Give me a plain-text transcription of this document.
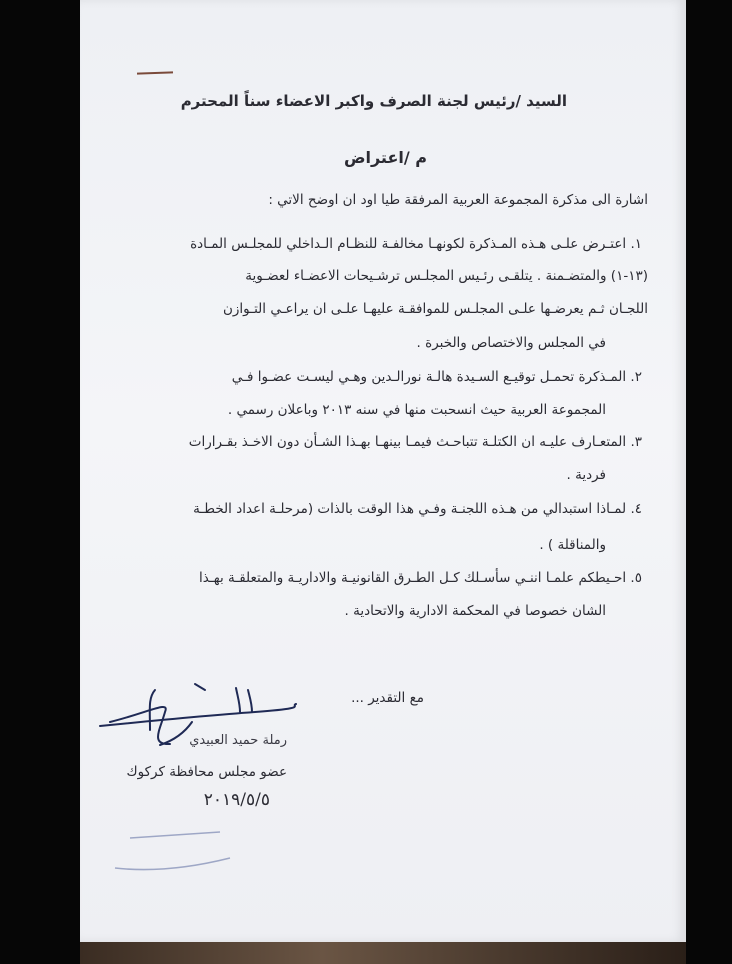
السيد /رئيس لجنة الصرف واكبر الاعضاء سناً المحترم
م /اعتراض
اشارة الى مذكرة المجموعة العربية المرفقة طيا اود ان اوضح الاتي :
١. اعتـرض علـى هـذه المـذكرة لكونهـا مخالفـة للنظـام الـداخلي للمجلـس المـادة
(١٣-١) والمتضـمنة . يتلقـى رئـيس المجلـس ترشـيحات الاعضـاء لعضـوية
اللجـان ثـم يعرضـها علـى المجلـس للموافقـة عليهـا علـى ان يراعـي التـوازن
في المجلس والاختصاص والخبرة .
٢. المـذكرة تحمـل توقيـع السـيدة هالـة نورالـدين وهـي ليسـت عضـوا فـي
المجموعة العربية حيث انسحبت منها في سنه ٢٠١٣ وباعلان رسمي .
٣. المتعـارف عليـه ان الكتلـة تتباحـث فيمـا بينهـا بهـذا الشـأن دون الاخـذ بقـرارات
فردية .
٤. لمـاذا استبدالي من هـذه اللجنـة وفـي هذا الوقت بالذات (مرحلـة اعداد الخطـة
والمناقلة ) .
٥. احـيطكم علمـا اننـي سأسـلك كـل الطـرق القانونيـة والاداريـة والمتعلقـة بهـذا
الشان خصوصا في المحكمة الادارية والاتحادية .
مع التقدير ...
رملة حميد العبيدي
عضو مجلس محافظة كركوك
٢٠١٩/٥/٥
